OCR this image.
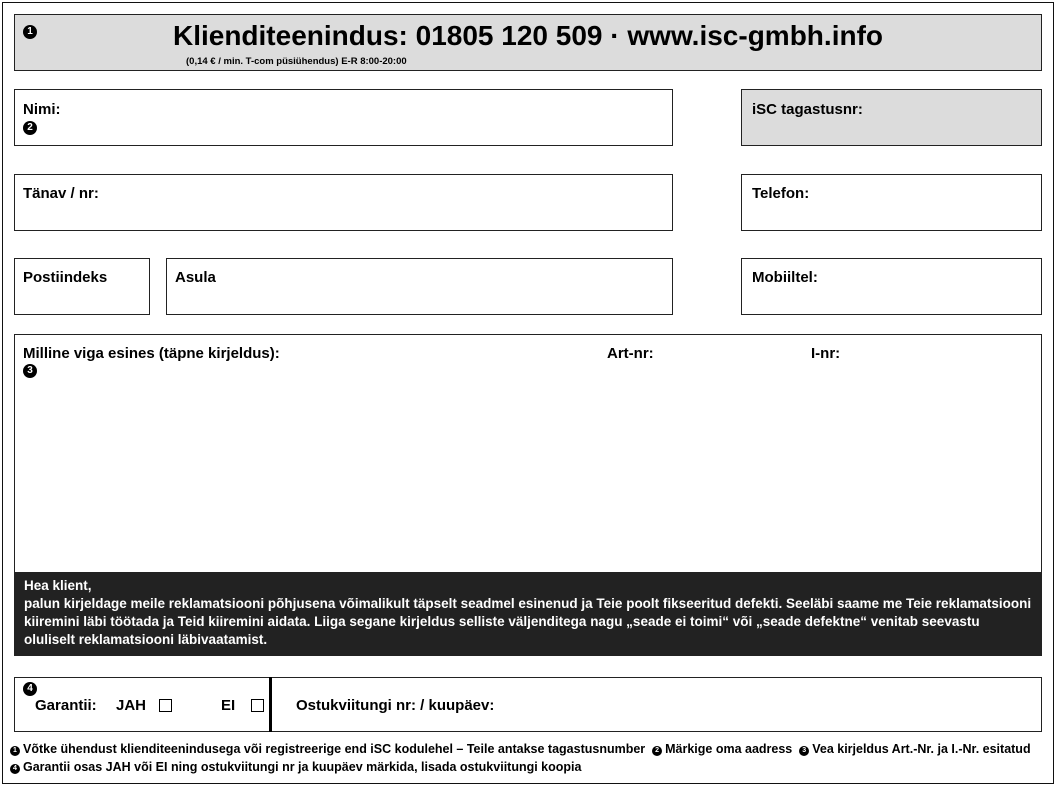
1	Klienditeenindus: 01805 120 509 · www.isc-gmbh.info
(0,14 € / min. T-com püsiühendus) E-R 8:00-20:00
Nimi:
2
iSC tagastusnr:
Tänav / nr:	Telefon:
Postiindeks	Asula	Mobiiltel:
Milline viga esines (täpne kirjeldus):
3
Art-nr:	I-nr:
Hea klient,
palun kirjeldage meile reklamatsiooni põhjusena võimalikult täpselt seadmel esinenud ja Teie poolt fikseeritud defekti. Seeläbi saame me Teie reklamatsiooni kiiremini läbi töötada ja Teid kiiremini aidata. Liiga segane kirjeldus selliste väljenditega nagu „seade ei toimi“ või „seade defektne“ venitab seevastu oluliselt reklamatsiooni läbivaatamist.
4
Garantii: JAH	EI	Ostukviitungi nr: / kuupäev:
1 Võtke ühendust klienditeenindusega või registreerige end iSC kodulehel – Teile antakse tagastusnumber 2 Märkige oma aadress 3 Vea kirjeldus Art.-Nr. ja I.-Nr. esitatud  4 Garantii osas JAH või EI ning ostukviitungi nr ja kuupäev märkida, lisada ostukviitungi koopia
